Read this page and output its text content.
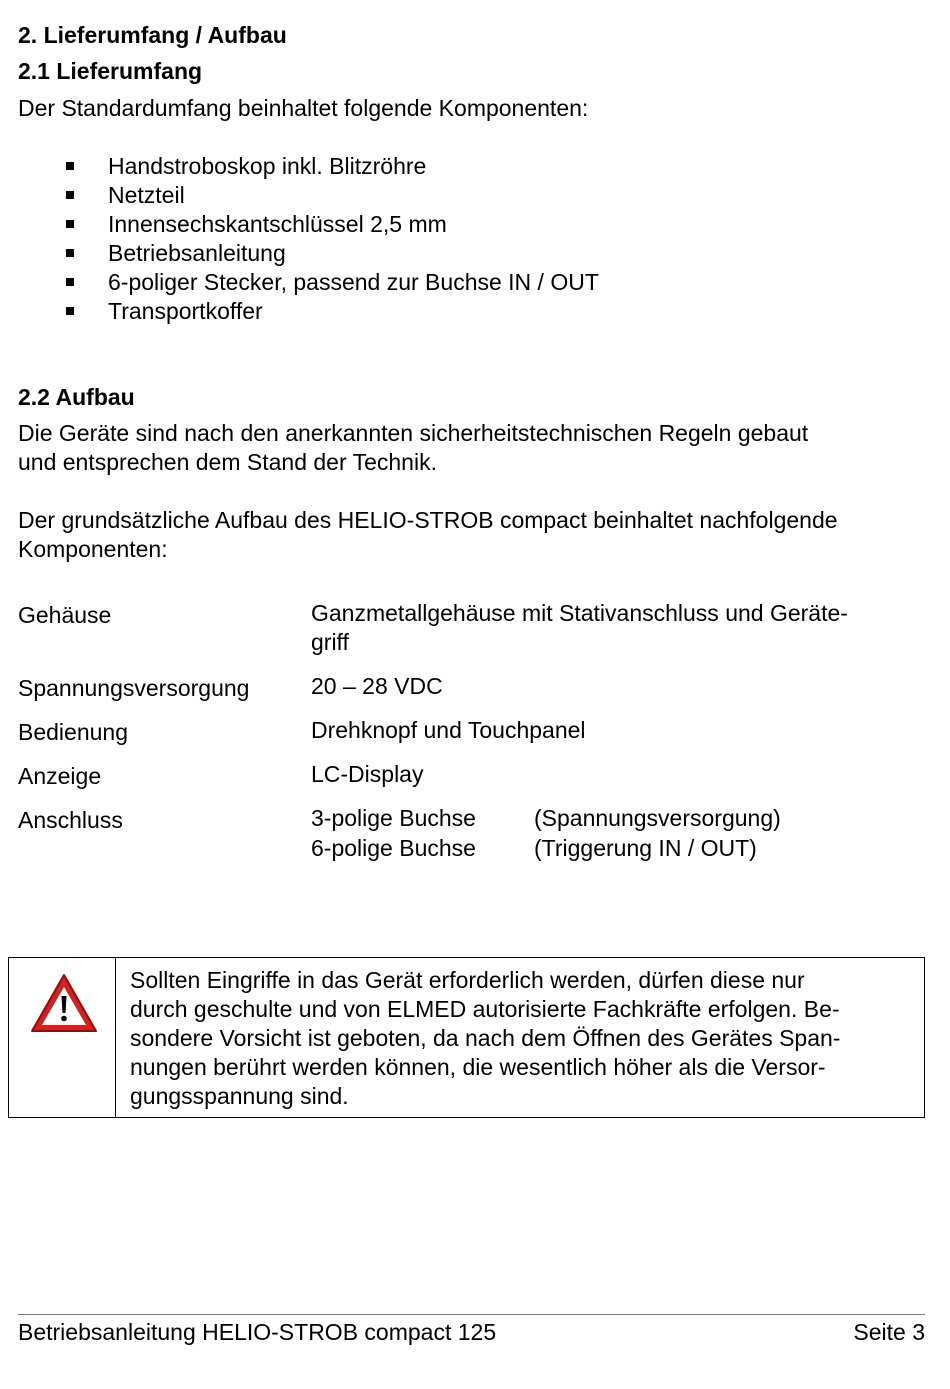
2. Lieferumfang / Aufbau
2.1 Lieferumfang
Der Standardumfang beinhaltet folgende Komponenten:
Handstroboskop inkl. Blitzröhre
Netzteil
Innensechskantschlüssel 2,5 mm
Betriebsanleitung
6-poliger Stecker, passend zur Buchse IN / OUT
Transportkoffer
2.2 Aufbau
Die Geräte sind nach den anerkannten sicherheitstechnischen Regeln gebaut
und entsprechen dem Stand der Technik.
Der grundsätzliche Aufbau des HELIO-STROB compact beinhaltet nachfolgende
Komponenten:
Gehäuse	Ganzmetallgehäuse mit Stativanschluss und Geräte-
griff
Spannungsversorgung	20 – 28 VDC
Bedienung	Drehknopf und Touchpanel
Anzeige	LC-Display
Anschluss	3-polige Buchse	(Spannungsversorgung)
6-polige Buchse	(Triggerung IN / OUT)
Sollten Eingriffe in das Gerät erforderlich werden, dürfen diese nur
durch geschulte und von ELMED autorisierte Fachkräfte erfolgen. Be-
sondere Vorsicht ist geboten, da nach dem Öffnen des Gerätes Span-
nungen berührt werden können, die wesentlich höher als die Versor-
gungsspannung sind.
Betriebsanleitung HELIO-STROB compact 125	Seite 3
